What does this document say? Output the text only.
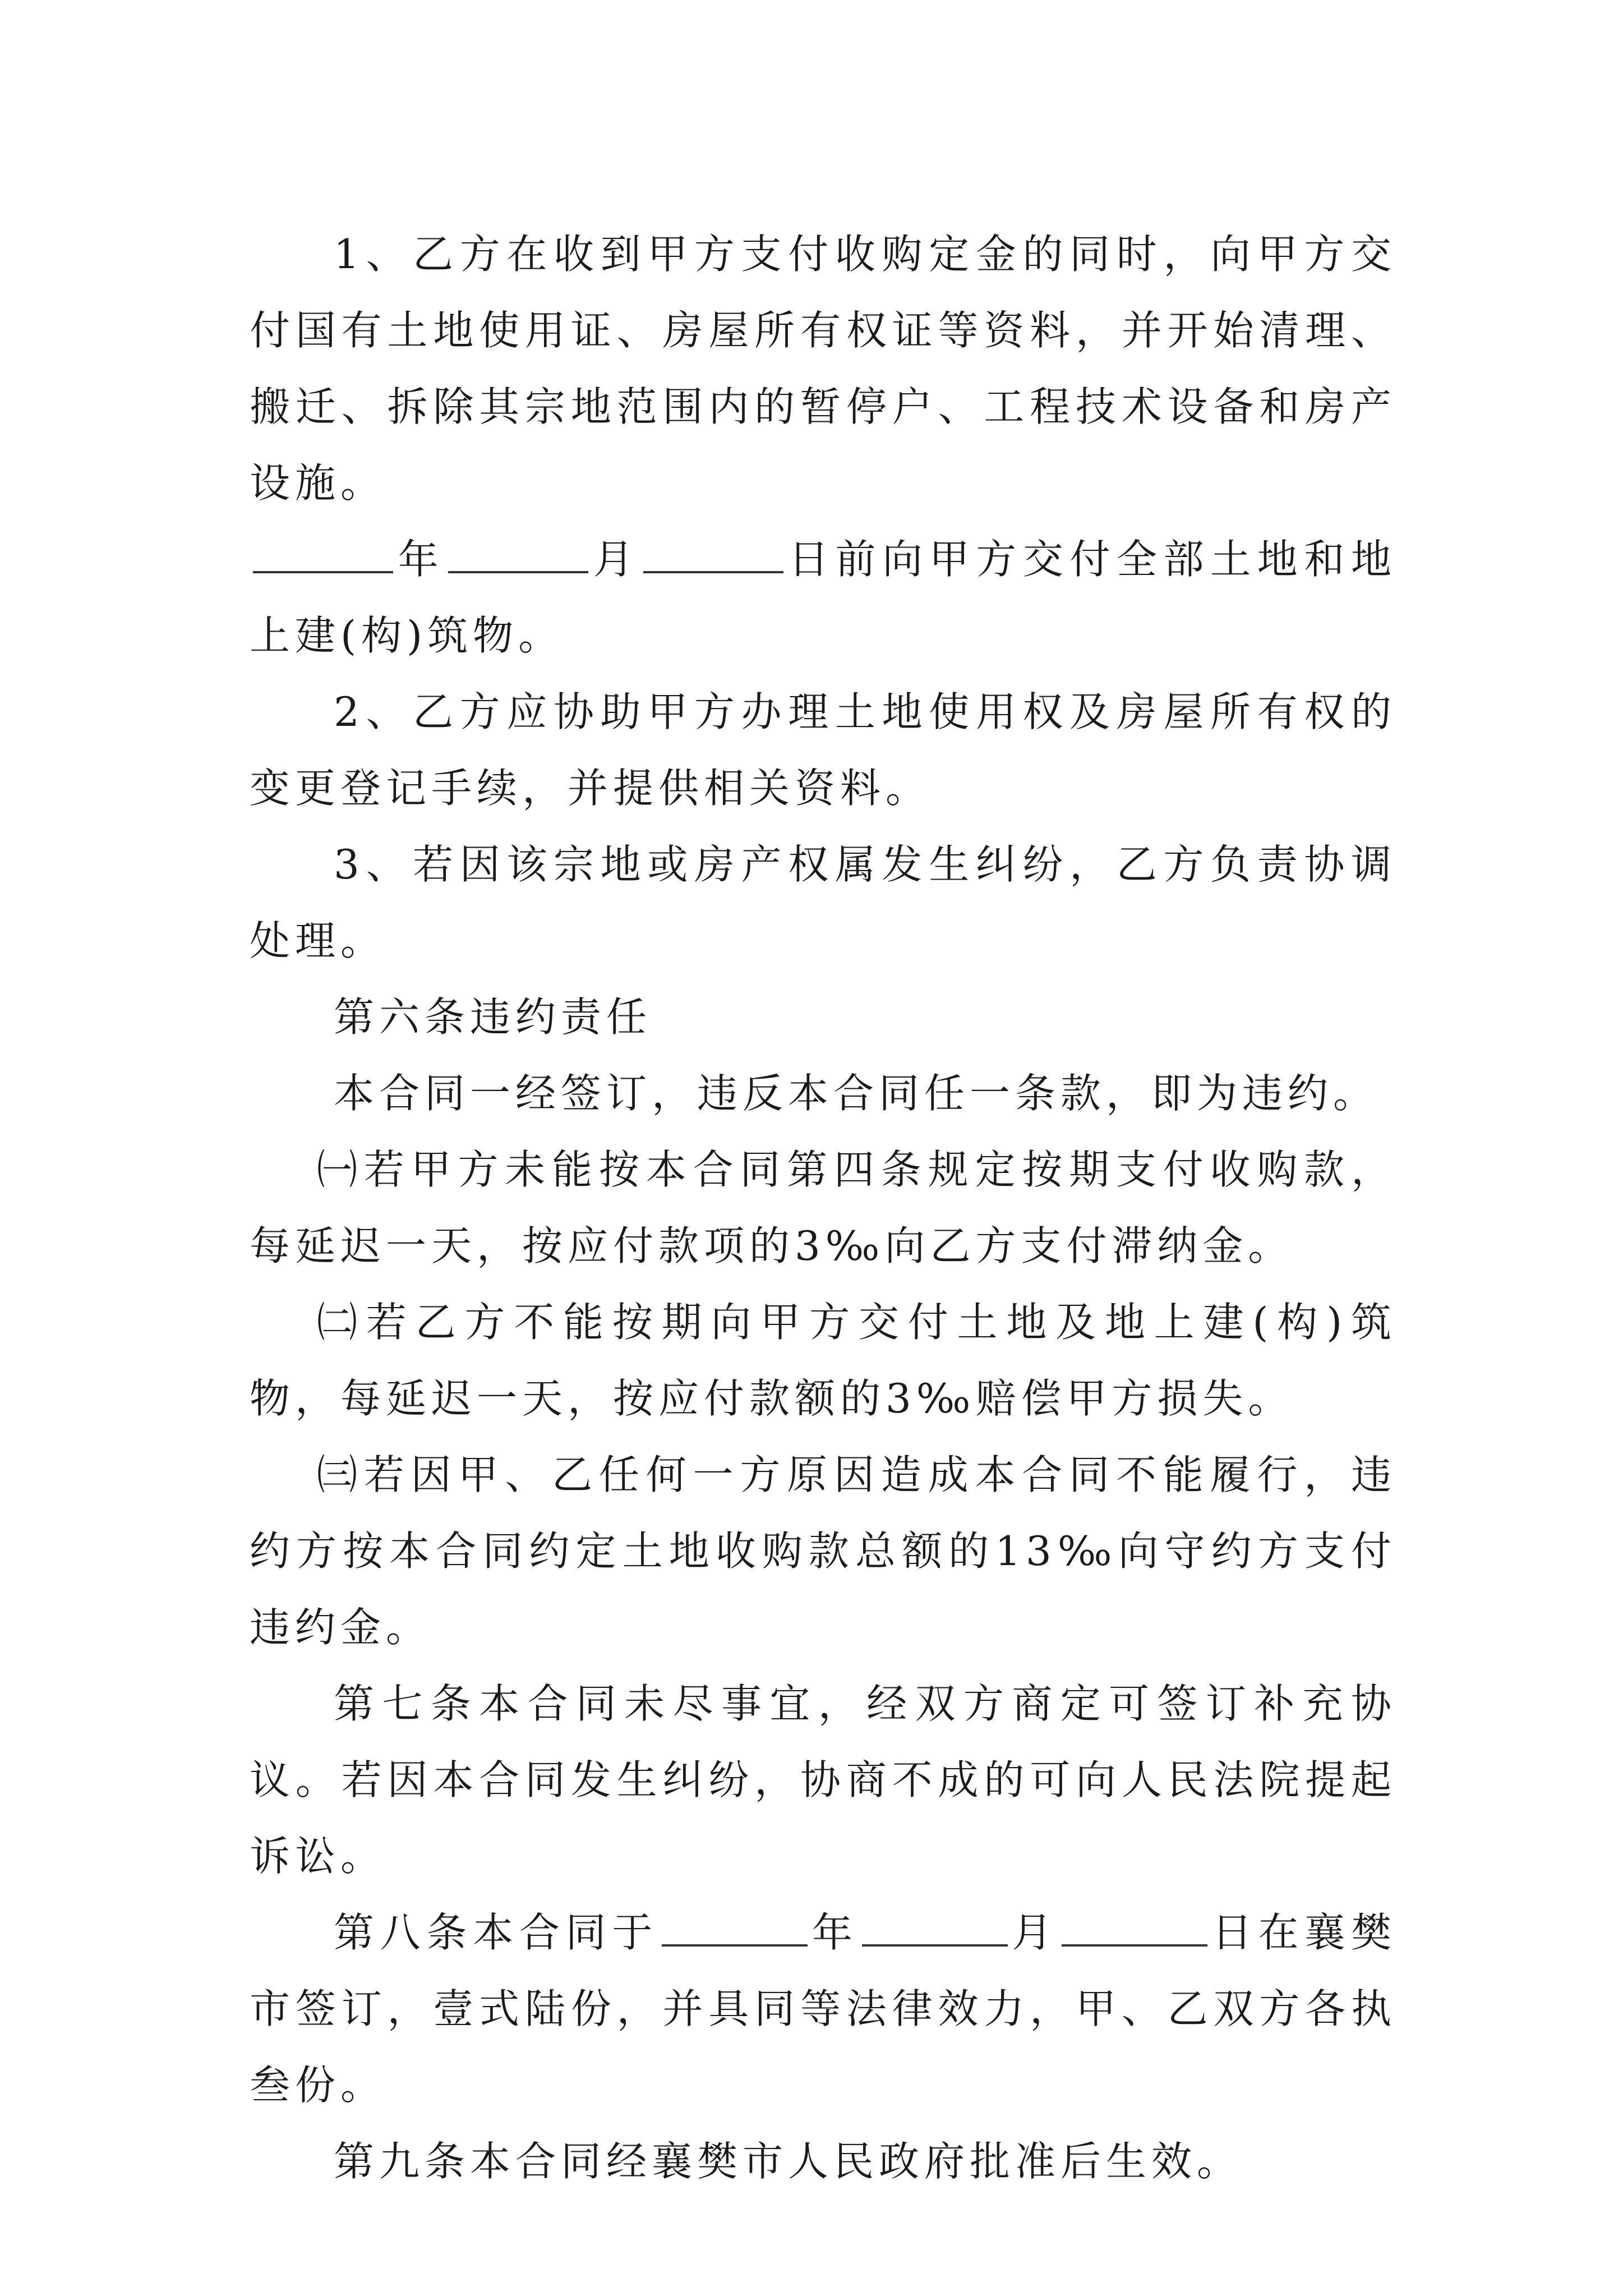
1、乙方在收到甲方支付收购定金的同时，向甲方交付国有土地使用证、房屋所有权证等资料，并开始清理、搬迁、拆除其宗地范围内的暂停户、工程技术设备和房产设施。

年	月	日前向甲方交付全部土地和地上建(构)筑物。

2、乙方应协助甲方办理土地使用权及房屋所有权的变更登记手续，并提供相关资料。

3、若因该宗地或房产权属发生纠纷，乙方负责协调处理。

第六条违约责任

本合同一经签订，违反本合同任一条款，即为违约。

㈠若甲方未能按本合同第四条规定按期支付收购款，每延迟一天，按应付款项的3‰向乙方支付滞纳金。

㈡若乙方不能按期向甲方交付土地及地上建(构)筑物，每延迟一天，按应付款额的3‰赔偿甲方损失。

㈢若因甲、乙任何一方原因造成本合同不能履行，违约方按本合同约定土地收购款总额的13‰向守约方支付违约金。

第七条本合同未尽事宜，经双方商定可签订补充协议。若因本合同发生纠纷，协商不成的可向人民法院提起诉讼。

第八条本合同于	年	月	日在襄樊市签订，壹式陆份，并具同等法律效力，甲、乙双方各执叁份。

第九条本合同经襄樊市人民政府批准后生效。
